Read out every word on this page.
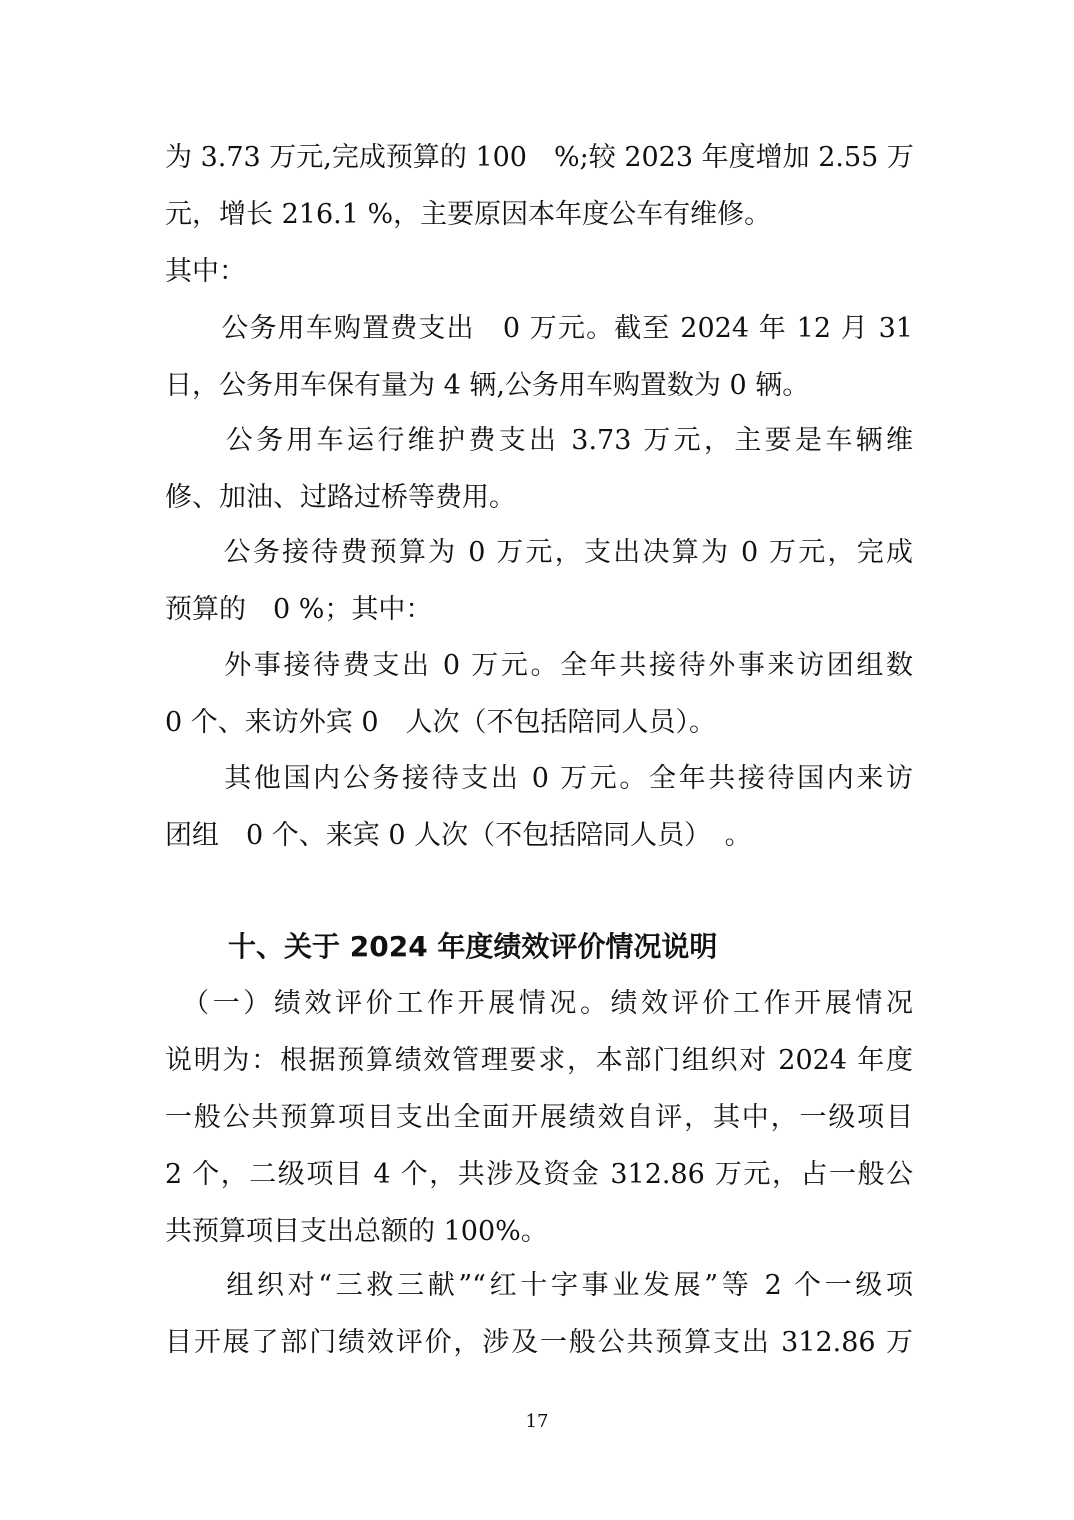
为 3.73 万元,完成预算的 100　%;较 2023 年度增加 2.55 万
元，增长 216.1 %，主要原因本年度公车有维修。
其中：
　　公务用车购置费支出　0 万元。截至 2024 年 12 月 31
日，公务用车保有量为 4 辆,公务用车购置数为 0 辆。
　　公务用车运行维护费支出 3.73 万元，主要是车辆维
修、加油、过路过桥等费用。
　　公务接待费预算为 0 万元，支出决算为 0 万元，完成
预算的　0 %；其中：
　　外事接待费支出 0 万元。全年共接待外事来访团组数
0 个、来访外宾 0　人次（不包括陪同人员）。
　　其他国内公务接待支出 0 万元。全年共接待国内来访
团组　0 个、来宾 0 人次（不包括陪同人员）　。
十、关于 2024 年度绩效评价情况说明
　（一）绩效评价工作开展情况。绩效评价工作开展情况
说明为：根据预算绩效管理要求，本部门组织对 2024 年度
一般公共预算项目支出全面开展绩效自评，其中，一级项目
2 个，二级项目 4 个，共涉及资金 312.86 万元，占一般公
共预算项目支出总额的 100%。
　　组织对“三救三献”“红十字事业发展”等 2 个一级项
目开展了部门绩效评价，涉及一般公共预算支出 312.86 万
17
